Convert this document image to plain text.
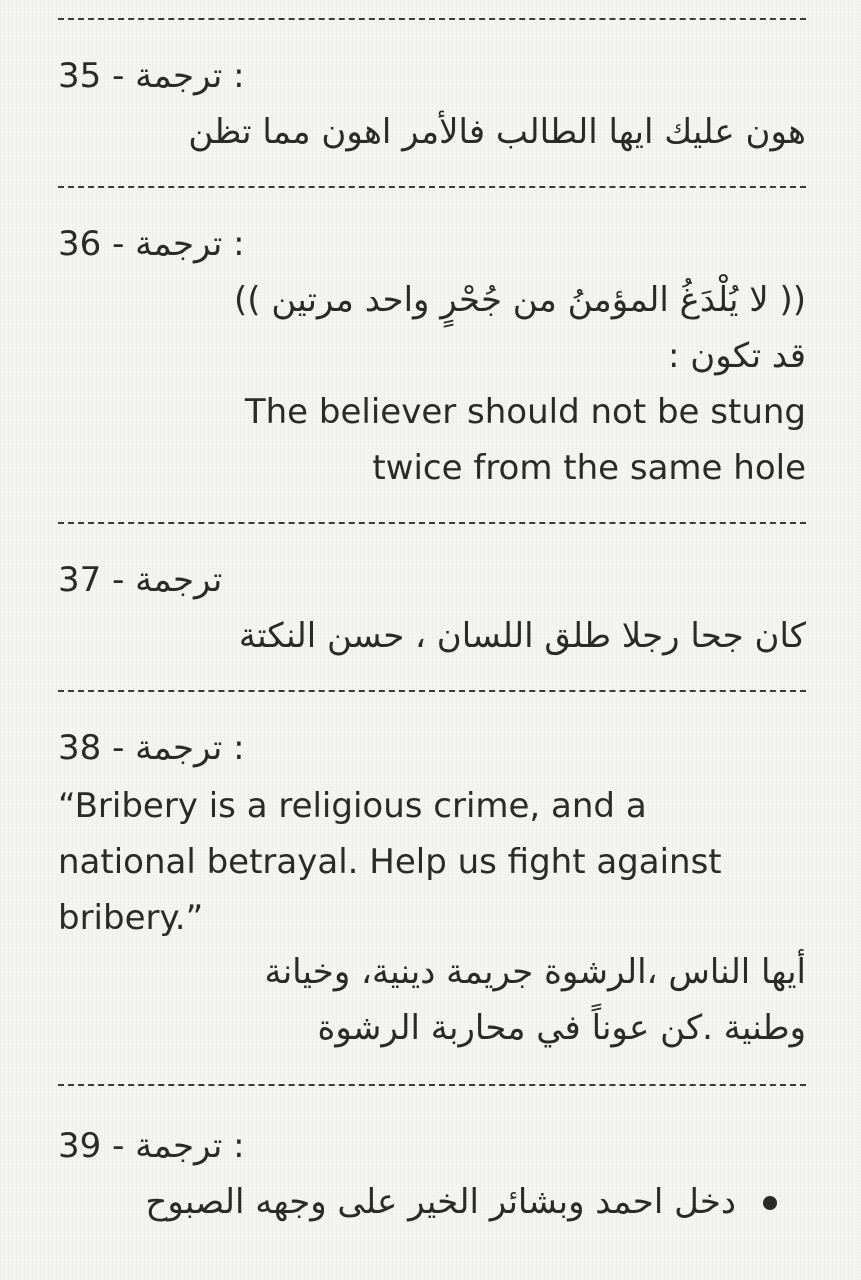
35 - ترجمة :
هون عليك ايها الطالب فالأمر اهون مما تظن
36 - ترجمة :
(( لا يُلْدَغُ المؤمنُ من جُحْرٍ واحد مرتين ))
قد تكون :
The believer should not be stung
twice from the same hole
37 - ترجمة
كان جحا رجلا طلق اللسان ، حسن النكتة
38 - ترجمة :
“Bribery is a religious crime, and a
national betrayal. Help us fight against
bribery.”
أيها الناس ،الرشوة جريمة دينية، وخيانة
وطنية .كن عوناً في محاربة الرشوة
39 - ترجمة :
دخل احمد وبشائر الخير على وجهه الصبوح
